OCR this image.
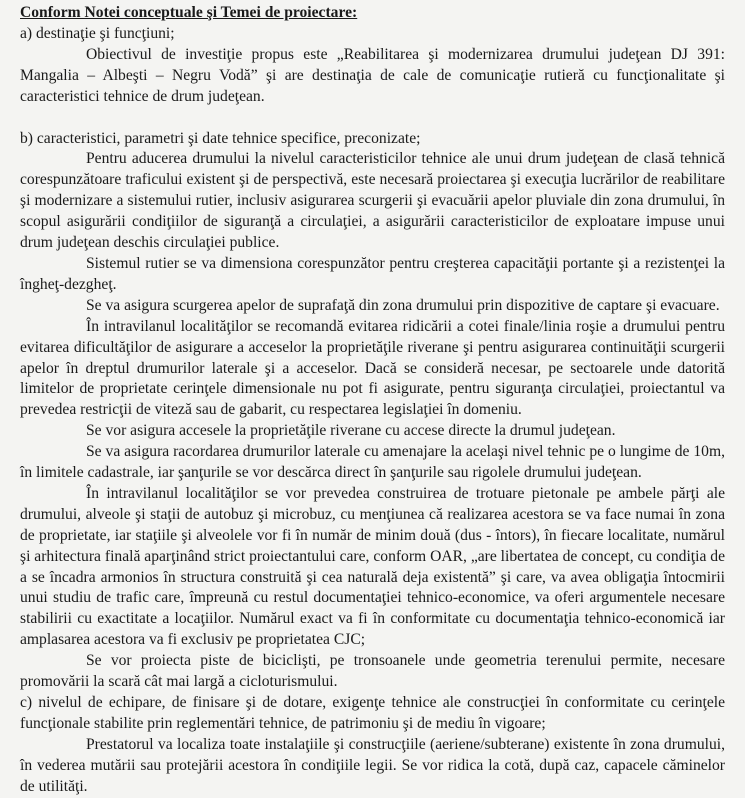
Conform Notei conceptuale şi Temei de proiectare:

a) destinaţie şi funcţiuni;

Obiectivul de investiţie propus este „Reabilitarea şi modernizarea drumului judeţean DJ 391: Mangalia – Albeşti – Negru Vodă” şi are destinaţia de cale de comunicaţie rutieră cu funcţionalitate şi caracteristici tehnice de drum judeţean.

b) caracteristici, parametri şi date tehnice specifice, preconizate;

Pentru aducerea drumului la nivelul caracteristicilor tehnice ale unui drum judeţean de clasă tehnică corespunzătoare traficului existent şi de perspectivă, este necesară proiectarea şi execuţia lucrărilor de reabilitare şi modernizare a sistemului rutier, inclusiv asigurarea scurgerii şi evacuării apelor pluviale din zona drumului, în scopul asigurării condiţiilor de siguranţă a circulaţiei, a asigurării caracteristicilor de exploatare impuse unui drum judeţean deschis circulaţiei publice.

Sistemul rutier se va dimensiona corespunzător pentru creşterea capacităţii portante şi a rezistenţei la îngheţ-dezgheţ.

Se va asigura scurgerea apelor de suprafaţă din zona drumului prin dispozitive de captare şi evacuare.

În intravilanul localităţilor se recomandă evitarea ridicării a cotei finale/linia roşie a drumului pentru evitarea dificultăţilor de asigurare a acceselor la proprietăţile riverane şi pentru asigurarea continuităţii scurgerii apelor în dreptul drumurilor laterale şi a acceselor. Dacă se consideră necesar, pe sectoarele unde datorită limitelor de proprietate cerinţele dimensionale nu pot fi asigurate, pentru siguranţa circulaţiei, proiectantul va prevedea restricţii de viteză sau de gabarit, cu respectarea legislaţiei în domeniu.

Se vor asigura accesele la proprietăţile riverane cu accese directe la drumul judeţean.

Se va asigura racordarea drumurilor laterale cu amenajare la acelaşi nivel tehnic pe o lungime de 10m, în limitele cadastrale, iar şanţurile se vor descărca direct în şanţurile sau rigolele drumului judeţean.

În intravilanul localităţilor se vor prevedea construirea de trotuare pietonale pe ambele părţi ale drumului, alveole şi staţii de autobuz şi microbuz, cu menţiunea că realizarea acestora se va face numai în zona de proprietate, iar staţiile şi alveolele vor fi în număr de minim două (dus - întors), în fiecare localitate, numărul şi arhitectura finală aparţinând strict proiectantului care, conform OAR, „are libertatea de concept, cu condiţia de a se încadra armonios în structura construită şi cea naturală deja existentă” şi care, va avea obligaţia întocmirii unui studiu de trafic care, împreună cu restul documentaţiei tehnico-economice, va oferi argumentele necesare stabilirii cu exactitate a locaţiilor. Numărul exact va fi în conformitate cu documentaţia tehnico-economică iar amplasarea acestora va fi exclusiv pe proprietatea CJC;

Se vor proiecta piste de biciclişti, pe tronsoanele unde geometria terenului permite, necesare promovării la scară cât mai largă a cicloturismului.

c) nivelul de echipare, de finisare şi de dotare, exigenţe tehnice ale construcţiei în conformitate cu cerinţele funcţionale stabilite prin reglementări tehnice, de patrimoniu şi de mediu în vigoare;

Prestatorul va localiza toate instalaţiile şi construcţiile (aeriene/subterane) existente în zona drumului, în vederea mutării sau protejării acestora în condiţiile legii. Se vor ridica la cotă, după caz, capacele căminelor de utilităţi.
